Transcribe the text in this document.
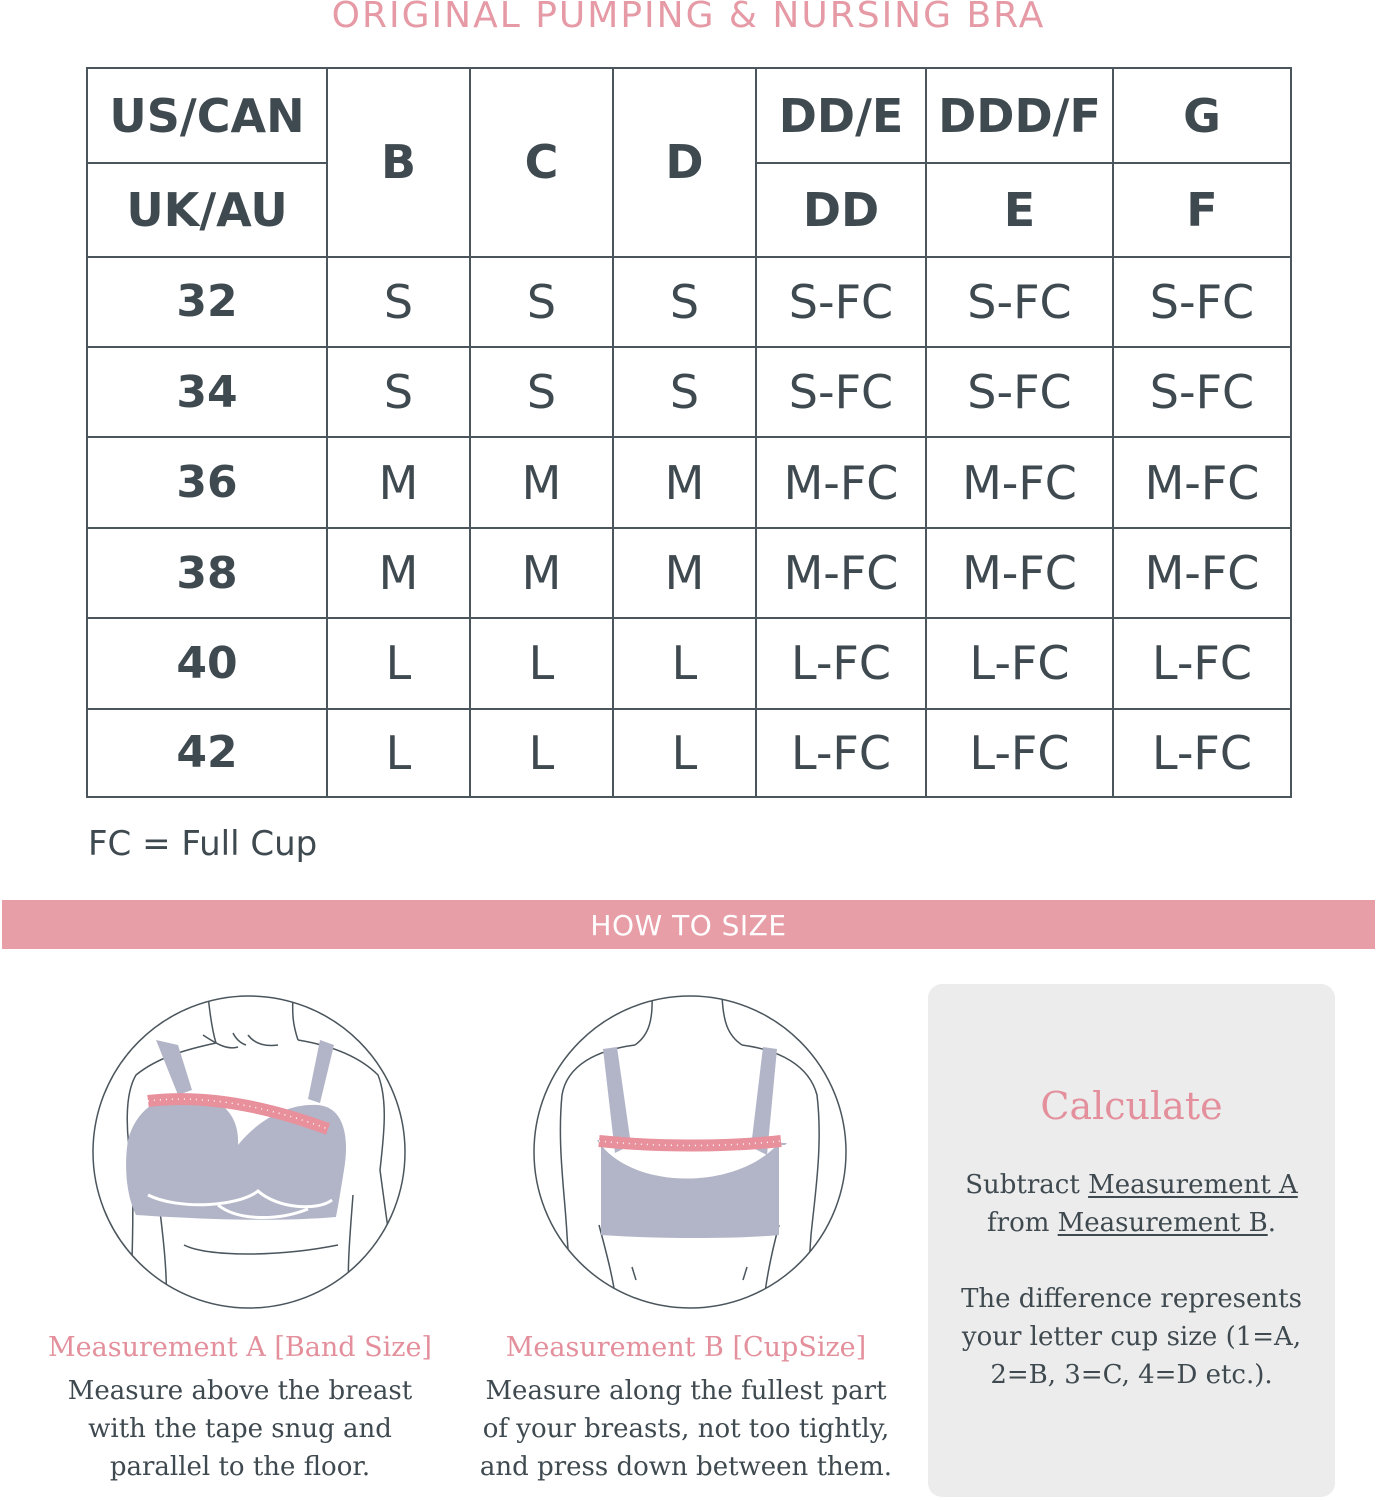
ORIGINAL PUMPING & NURSING BRA
US/CAN	B	C	D	DD/E	DDD/F	G
UK/AU				DD	E	F
32	S	S	S	S-FC	S-FC	S-FC
34	S	S	S	S-FC	S-FC	S-FC
36	M	M	M	M-FC	M-FC	M-FC
38	M	M	M	M-FC	M-FC	M-FC
40	L	L	L	L-FC	L-FC	L-FC
42	L	L	L	L-FC	L-FC	L-FC
FC = Full Cup
HOW TO SIZE
Measurement A [Band Size]
Measure above the breast
with the tape snug and
parallel to the floor.
Measurement B [CupSize]
Measure along the fullest part
of your breasts, not too tightly,
and press down between them.
Calculate
Subtract Measurement A
from Measurement B.
The difference represents
your letter cup size (1=A,
2=B, 3=C, 4=D etc.).
